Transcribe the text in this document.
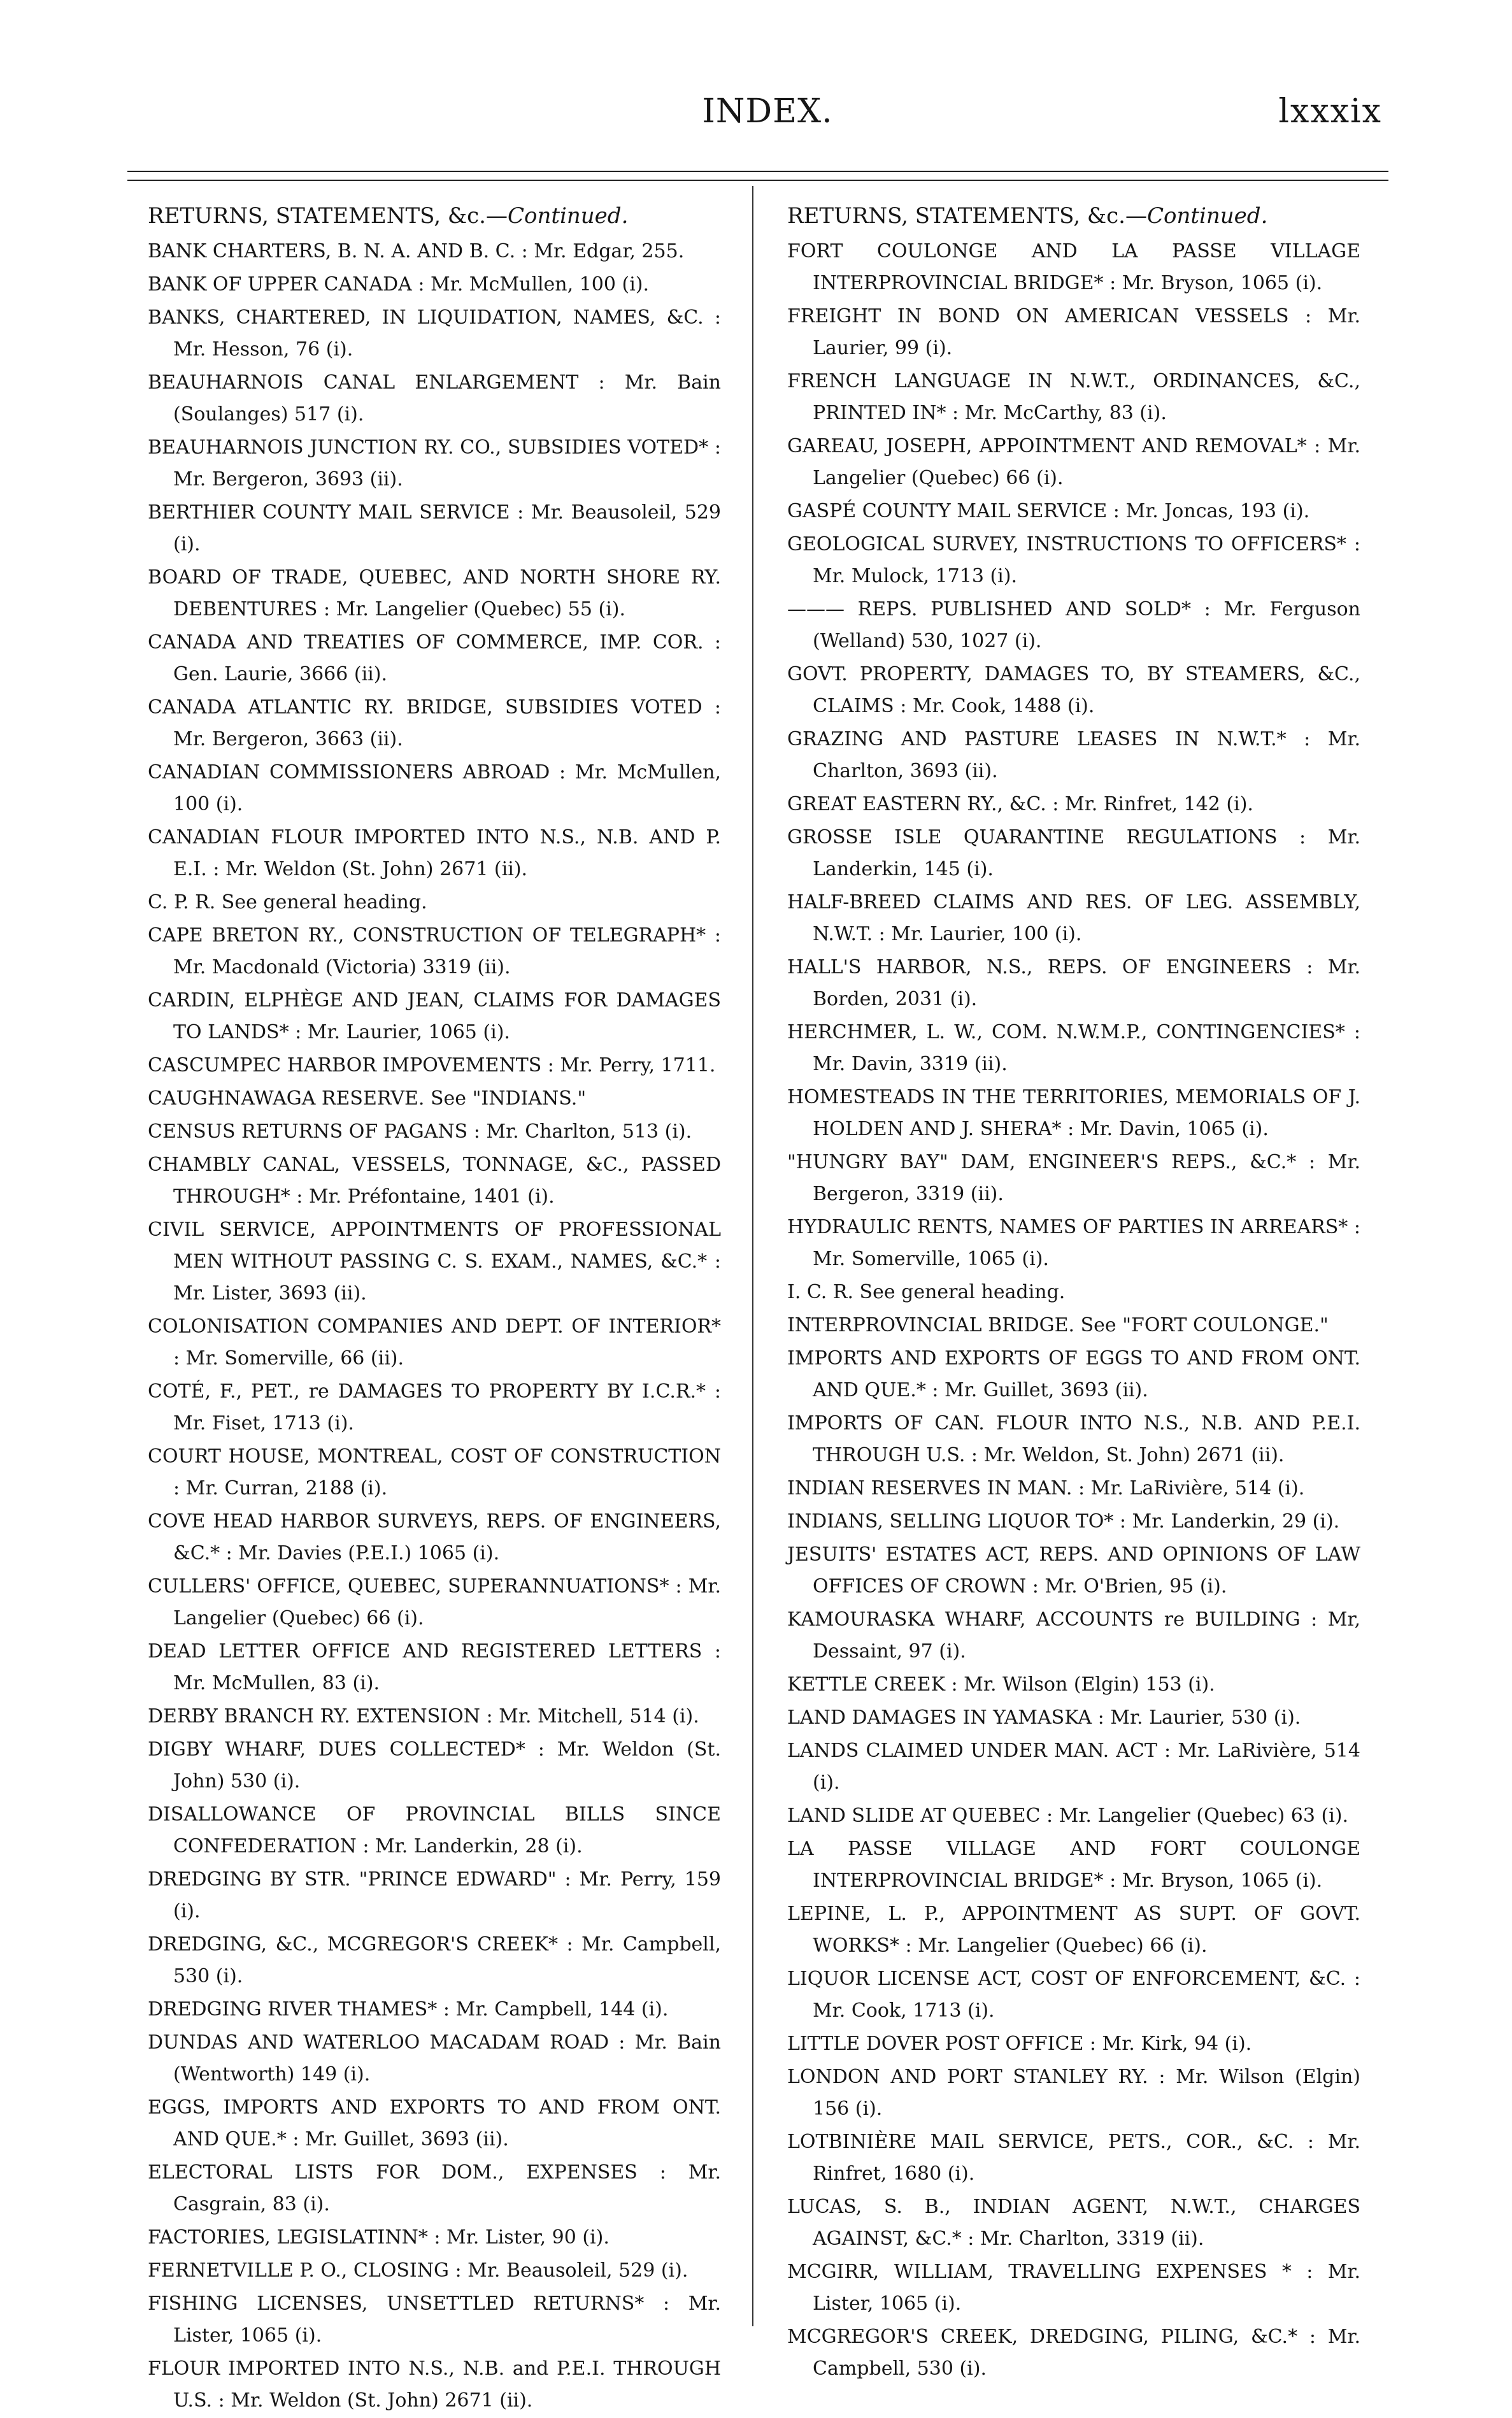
INDEX.	lxxxix
RETURNS, STATEMENTS, &c.—Continued.

BANK CHARTERS, B. N. A. AND B. C. : Mr. Edgar, 255.

BANK OF UPPER CANADA : Mr. McMullen, 100 (i).

BANKS, CHARTERED, IN LIQUIDATION, NAMES, &C. : Mr. Hesson, 76 (i).

BEAUHARNOIS CANAL ENLARGEMENT : Mr. Bain (Soulanges) 517 (i).

BEAUHARNOIS JUNCTION RY. CO., SUBSIDIES VOTED* : Mr. Bergeron, 3693 (ii).

BERTHIER COUNTY MAIL SERVICE : Mr. Beausoleil, 529 (i).

BOARD OF TRADE, QUEBEC, AND NORTH SHORE RY. DEBENTURES : Mr. Langelier (Quebec) 55 (i).

CANADA AND TREATIES OF COMMERCE, IMP. COR. : Gen. Laurie, 3666 (ii).

CANADA ATLANTIC RY. BRIDGE, SUBSIDIES VOTED : Mr. Bergeron, 3663 (ii).

CANADIAN COMMISSIONERS ABROAD : Mr. McMullen, 100 (i).

CANADIAN FLOUR IMPORTED INTO N.S., N.B. AND P. E.I. : Mr. Weldon (St. John) 2671 (ii).

C. P. R. See general heading.

CAPE BRETON RY., CONSTRUCTION OF TELEGRAPH* : Mr. Macdonald (Victoria) 3319 (ii).

CARDIN, ELPHÈGE AND JEAN, CLAIMS FOR DAMAGES TO LANDS* : Mr. Laurier, 1065 (i).

CASCUMPEC HARBOR IMPOVEMENTS : Mr. Perry, 1711.

CAUGHNAWAGA RESERVE. See "INDIANS."

CENSUS RETURNS OF PAGANS : Mr. Charlton, 513 (i).

CHAMBLY CANAL, VESSELS, TONNAGE, &C., PASSED THROUGH* : Mr. Préfontaine, 1401 (i).

CIVIL SERVICE, APPOINTMENTS OF PROFESSIONAL MEN WITHOUT PASSING C. S. EXAM., NAMES, &C.* : Mr. Lister, 3693 (ii).

COLONISATION COMPANIES AND DEPT. OF INTERIOR* : Mr. Somerville, 66 (ii).

COTÉ, F., PET., re DAMAGES TO PROPERTY BY I.C.R.* : Mr. Fiset, 1713 (i).

COURT HOUSE, MONTREAL, COST OF CONSTRUCTION : Mr. Curran, 2188 (i).

COVE HEAD HARBOR SURVEYS, REPS. OF ENGINEERS, &C.* : Mr. Davies (P.E.I.) 1065 (i).

CULLERS' OFFICE, QUEBEC, SUPERANNUATIONS* : Mr. Langelier (Quebec) 66 (i).

DEAD LETTER OFFICE AND REGISTERED LETTERS : Mr. McMullen, 83 (i).

DERBY BRANCH RY. EXTENSION : Mr. Mitchell, 514 (i).

DIGBY WHARF, DUES COLLECTED* : Mr. Weldon (St. John) 530 (i).

DISALLOWANCE OF PROVINCIAL BILLS SINCE CONFEDERATION : Mr. Landerkin, 28 (i).

DREDGING BY STR. "PRINCE EDWARD" : Mr. Perry, 159 (i).

DREDGING, &C., MCGREGOR'S CREEK* : Mr. Campbell, 530 (i).

DREDGING RIVER THAMES* : Mr. Campbell, 144 (i).

DUNDAS AND WATERLOO MACADAM ROAD : Mr. Bain (Wentworth) 149 (i).

EGGS, IMPORTS AND EXPORTS TO AND FROM ONT. AND QUE.* : Mr. Guillet, 3693 (ii).

ELECTORAL LISTS FOR DOM., EXPENSES : Mr. Casgrain, 83 (i).

FACTORIES, LEGISLATINN* : Mr. Lister, 90 (i).

FERNETVILLE P. O., CLOSING : Mr. Beausoleil, 529 (i).

FISHING LICENSES, UNSETTLED RETURNS* : Mr. Lister, 1065 (i).

FLOUR IMPORTED INTO N.S., N.B. and P.E.I. THROUGH U.S. : Mr. Weldon (St. John) 2671 (ii).

RETURNS, STATEMENTS, &c.—Continued.

FORT COULONGE AND LA PASSE VILLAGE INTERPROVINCIAL BRIDGE* : Mr. Bryson, 1065 (i).

FREIGHT IN BOND ON AMERICAN VESSELS : Mr. Laurier, 99 (i).

FRENCH LANGUAGE IN N.W.T., ORDINANCES, &C., PRINTED IN* : Mr. McCarthy, 83 (i).

GAREAU, JOSEPH, APPOINTMENT AND REMOVAL* : Mr. Langelier (Quebec) 66 (i).

GASPÉ COUNTY MAIL SERVICE : Mr. Joncas, 193 (i).

GEOLOGICAL SURVEY, INSTRUCTIONS TO OFFICERS* : Mr. Mulock, 1713 (i).

——— REPS. PUBLISHED AND SOLD* : Mr. Ferguson (Welland) 530, 1027 (i).

GOVT. PROPERTY, DAMAGES TO, BY STEAMERS, &C., CLAIMS : Mr. Cook, 1488 (i).

GRAZING AND PASTURE LEASES IN N.W.T.* : Mr. Charlton, 3693 (ii).

GREAT EASTERN RY., &C. : Mr. Rinfret, 142 (i).

GROSSE ISLE QUARANTINE REGULATIONS : Mr. Landerkin, 145 (i).

HALF-BREED CLAIMS AND RES. OF LEG. ASSEMBLY, N.W.T. : Mr. Laurier, 100 (i).

HALL'S HARBOR, N.S., REPS. OF ENGINEERS : Mr. Borden, 2031 (i).

HERCHMER, L. W., COM. N.W.M.P., CONTINGENCIES* : Mr. Davin, 3319 (ii).

HOMESTEADS IN THE TERRITORIES, MEMORIALS OF J. HOLDEN AND J. SHERA* : Mr. Davin, 1065 (i).

"HUNGRY BAY" DAM, ENGINEER'S REPS., &C.* : Mr. Bergeron, 3319 (ii).

HYDRAULIC RENTS, NAMES OF PARTIES IN ARREARS* : Mr. Somerville, 1065 (i).

I. C. R. See general heading.

INTERPROVINCIAL BRIDGE. See "FORT COULONGE."

IMPORTS AND EXPORTS OF EGGS TO AND FROM ONT. AND QUE.* : Mr. Guillet, 3693 (ii).

IMPORTS OF CAN. FLOUR INTO N.S., N.B. AND P.E.I. THROUGH U.S. : Mr. Weldon, St. John) 2671 (ii).

INDIAN RESERVES IN MAN. : Mr. LaRivière, 514 (i).

INDIANS, SELLING LIQUOR TO* : Mr. Landerkin, 29 (i).

JESUITS' ESTATES ACT, REPS. AND OPINIONS OF LAW OFFICES OF CROWN : Mr. O'Brien, 95 (i).

KAMOURASKA WHARF, ACCOUNTS re BUILDING : Mr, Dessaint, 97 (i).

KETTLE CREEK : Mr. Wilson (Elgin) 153 (i).

LAND DAMAGES IN YAMASKA : Mr. Laurier, 530 (i).

LANDS CLAIMED UNDER MAN. ACT : Mr. LaRivière, 514 (i).

LAND SLIDE AT QUEBEC : Mr. Langelier (Quebec) 63 (i).

LA PASSE VILLAGE AND FORT COULONGE INTERPROVINCIAL BRIDGE* : Mr. Bryson, 1065 (i).

LEPINE, L. P., APPOINTMENT AS SUPT. OF GOVT. WORKS* : Mr. Langelier (Quebec) 66 (i).

LIQUOR LICENSE ACT, COST OF ENFORCEMENT, &C. : Mr. Cook, 1713 (i).

LITTLE DOVER POST OFFICE : Mr. Kirk, 94 (i).

LONDON AND PORT STANLEY RY. : Mr. Wilson (Elgin) 156 (i).

LOTBINIÈRE MAIL SERVICE, PETS., COR., &C. : Mr. Rinfret, 1680 (i).

LUCAS, S. B., INDIAN AGENT, N.W.T., CHARGES AGAINST, &C.* : Mr. Charlton, 3319 (ii).

MCGIRR, WILLIAM, TRAVELLING EXPENSES * : Mr. Lister, 1065 (i).

MCGREGOR'S CREEK, DREDGING, PILING, &C.* : Mr. Campbell, 530 (i).
